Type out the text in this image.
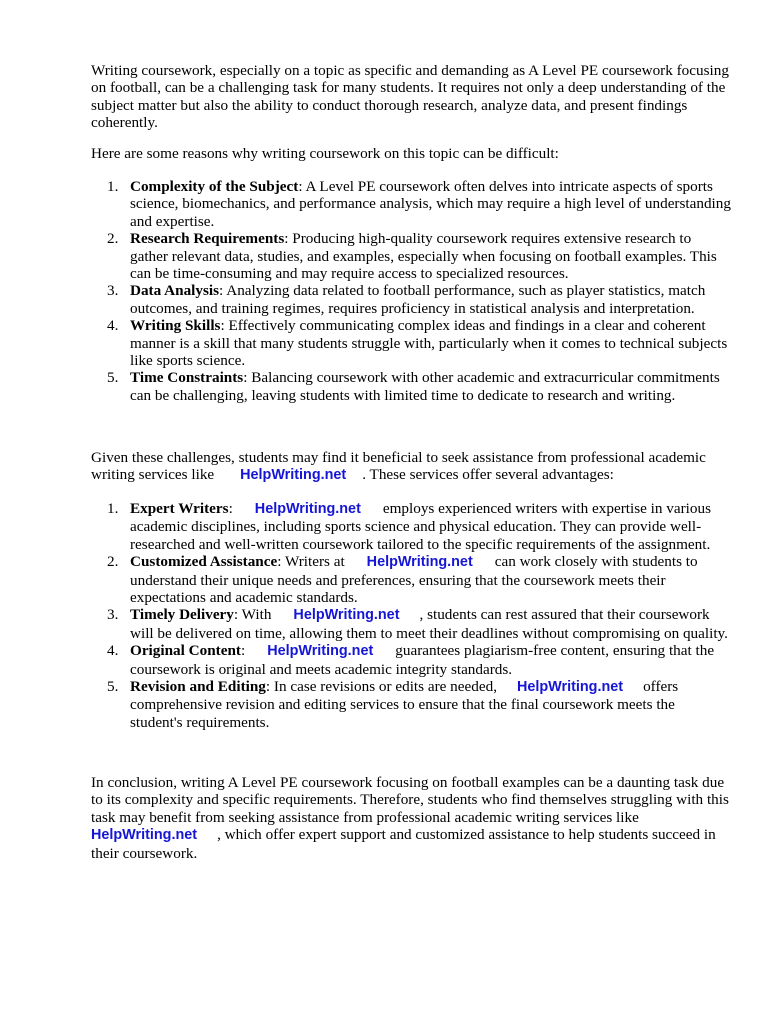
Writing coursework, especially on a topic as specific and demanding as A Level PE coursework focusing on football, can be a challenging task for many students. It requires not only a deep understanding of the subject matter but also the ability to conduct thorough research, analyze data, and present findings coherently.

Here are some reasons why writing coursework on this topic can be difficult:

1. Complexity of the Subject: A Level PE coursework often delves into intricate aspects of sports science, biomechanics, and performance analysis, which may require a high level of understanding and expertise.
2. Research Requirements: Producing high-quality coursework requires extensive research to gather relevant data, studies, and examples, especially when focusing on football examples. This can be time-consuming and may require access to specialized resources.
3. Data Analysis: Analyzing data related to football performance, such as player statistics, match outcomes, and training regimes, requires proficiency in statistical analysis and interpretation.
4. Writing Skills: Effectively communicating complex ideas and findings in a clear and coherent manner is a skill that many students struggle with, particularly when it comes to technical subjects like sports science.
5. Time Constraints: Balancing coursework with other academic and extracurricular commitments can be challenging, leaving students with limited time to dedicate to research and writing.

Given these challenges, students may find it beneficial to seek assistance from professional academic writing services like HelpWriting.net . These services offer several advantages:

1. Expert Writers: HelpWriting.net employs experienced writers with expertise in various academic disciplines, including sports science and physical education. They can provide well-researched and well-written coursework tailored to the specific requirements of the assignment.
2. Customized Assistance: Writers at HelpWriting.net can work closely with students to understand their unique needs and preferences, ensuring that the coursework meets their expectations and academic standards.
3. Timely Delivery: With HelpWriting.net , students can rest assured that their coursework will be delivered on time, allowing them to meet their deadlines without compromising on quality.
4. Original Content: HelpWriting.net guarantees plagiarism-free content, ensuring that the coursework is original and meets academic integrity standards.
5. Revision and Editing: In case revisions or edits are needed, HelpWriting.net offers comprehensive revision and editing services to ensure that the final coursework meets the student's requirements.

In conclusion, writing A Level PE coursework focusing on football examples can be a daunting task due to its complexity and specific requirements. Therefore, students who find themselves struggling with this task may benefit from seeking assistance from professional academic writing services likeHelpWriting.net , which offer expert support and customized assistance to help students succeed in their coursework.
